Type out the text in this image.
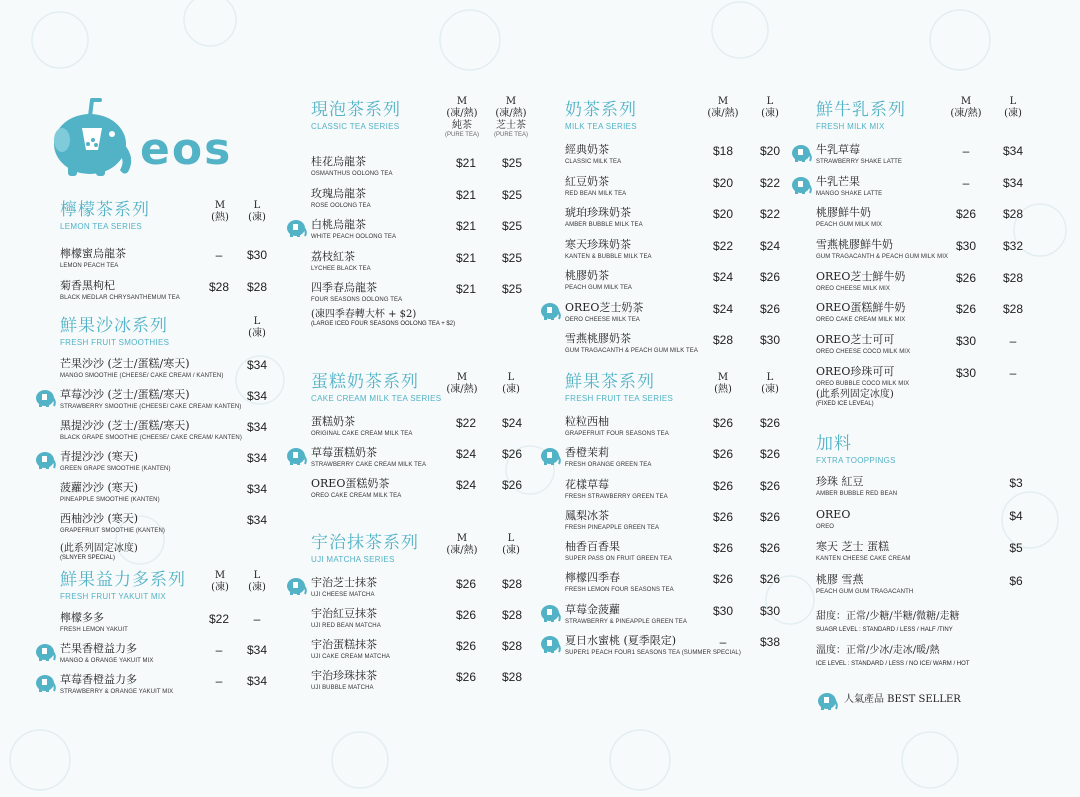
eos
檸檬茶系列
LEMON TEA SERIES
M
(熱)
L
(凍)
檸檬蜜烏龍茶
LEMON PEACH TEA
–	$30
菊香黑枸杞
BLACK MEDLAR CHRYSANTHEMUM TEA
$28	$28
鮮果沙冰系列
FRESH FRUIT SMOOTHIES
L
(凍)
芒果沙沙 (芝士/蛋糕/寒天)
MANGO SMOOTHIE (CHEESE/ CAKE CREAM / KANTEN)
$34
草莓沙沙 (芝士/蛋糕/寒天)
STRAWBERRY SMOOTHIE (CHEESE/ CAKE CREAM/ KANTEN)
$34
黑提沙沙 (芝士/蛋糕/寒天)
BLACK GRAPE SMOOTHIE (CHEESE/ CAKE CREAM/ KANTEN)
$34
青提沙沙 (寒天)
GREEN GRAPE SMOOTHIE (KANTEN)
$34
菠蘿沙沙 (寒天)
PINEAPPLE SMOOTHIE (KANTEN)
$34
西柚沙沙 (寒天)
GRAPEFRUIT SMOOTHIE (KANTEN)
$34
(此系列固定冰度)
(SLNYER SPECIAL)
鮮果益力多系列
FRESH FRUIT YAKUIT MIX
M
(凍)
L
(凍)
檸檬多多
FRESH LEMON YAKUIT
$22	–
芒果香橙益力多
MANGO & ORANGE YAKUIT MIX
–	$34
草莓香橙益力多
STRAWBERRY & ORANGE YAKUIT MIX
–	$34
現泡茶系列
CLASSIC TEA SERIES
M
(凍/熱)
純茶
(PURE TEA)
M
(凍/熱)
芝士茶
(PURE TEA)
桂花烏龍茶
OSMANTHUS OOLONG TEA
$21	$25
玫瑰烏龍茶
ROSE OOLONG TEA
$21	$25
白桃烏龍茶
WHITE PEACH OOLONG TEA
$21	$25
荔枝紅茶
LYCHEE BLACK TEA
$21	$25
四季春烏龍茶
FOUR SEASONS OOLONG TEA
$21	$25
(凍四季春轉大杯 + $2)
(LARGE ICED FOUR SEASONS OOLONG TEA + $2)
蛋糕奶茶系列
CAKE CREAM MILK TEA SERIES
M
(凍/熱)
L
(凍)
蛋糕奶茶
ORIGINAL CAKE CREAM MILK TEA
$22	$24
草莓蛋糕奶茶
STRAWBERRY CAKE CREAM MILK TEA
$24	$26
OREO蛋糕奶茶
OREO CAKE CREAM MILK TEA
$24	$26
宇治抹茶系列
UJI MATCHA SERIES
M
(凍/熱)
L
(凍)
宇治芝士抹茶
UJI CHEESE MATCHA
$26	$28
宇治紅豆抹茶
UJI RED BEAN MATCHA
$26	$28
宇治蛋糕抹茶
UJI CAKE CREAM MATCHA
$26	$28
宇治珍珠抹茶
UJI BUBBLE MATCHA
$26	$28
奶茶系列
MILK TEA SERIES
M
(凍/熱)
L
(凍)
經典奶茶
CLASSIC MILK TEA
$18	$20
紅豆奶茶
RED BEAN MILK TEA
$20	$22
琥珀珍珠奶茶
AMBER BUBBLE MILK TEA
$20	$22
寒天珍珠奶茶
KANTEN & BUBBLE MILK TEA
$22	$24
桃膠奶茶
PEACH GUM MILK TEA
$24	$26
OREO芝士奶茶
OERO CHEESE MILK TEA
$24	$26
雪燕桃膠奶茶
GUM TRAGACANTH & PEACH GUM MILK TEA
$28	$30
鮮果茶系列
FRESH FRUIT TEA SERIES
M
(熱)
L
(凍)
粒粒西柚
GRAPEFRUIT FOUR SEASONS TEA
$26	$26
香橙茉莉
FRESH ORANGE GREEN TEA
$26	$26
花樣草莓
FRESH STRAWBERRY GREEN TEA
$26	$26
鳳梨冰茶
FRESH PINEAPPLE GREEN TEA
$26	$26
柚香百香果
SUPER PASS ON FRUIT GREEN TEA
$26	$26
檸檬四季春
FRESH LEMON FOUR SEASONS TEA
$26	$26
草莓金菠蘿
STRAWBERRY & PINEAPPLE GREEN TEA
$30	$30
夏日水蜜桃 (夏季限定)
SUPER1 PEACH FOUR1 SEASONS TEA (SUMMER SPECIAL)
–	$38
鮮牛乳系列
FRESH MILK MIX
M
(凍/熱)
L
(凍)
牛乳草莓
STRAWBERRY SHAKE LATTE
–	$34
牛乳芒果
MANGO SHAKE LATTE
–	$34
桃膠鮮牛奶
PEACH GUM MILK MIX
$26	$28
雪燕桃膠鮮牛奶
GUM TRAGACANTH & PEACH GUM MILK MIX
$30	$32
OREO芝士鮮牛奶
OREO CHEESE MILK MIX
$26	$28
OREO蛋糕鮮牛奶
OREO CAKE CREAM MILK MIX
$26	$28
OREO芝士可可
OREO CHEESE COCO MILK MIX
$30	–
OREO珍珠可可
OREO BUBBLE COCO MILK MIX
$30	–
(此系列固定冰度)
(FIXED ICE LEVEAL)
加料
FXTRA TOOPPINGS
珍珠 紅豆
AMBER BUBBLE RED BEAN
$3
OREO
OREO
$4
寒天 芝士 蛋糕
KANTEN CHEESE CAKE CREAM
$5
桃膠 雪燕
PEACH GUM GUM TRAGACANTH
$6
甜度：正常/少糖/半糖/微糖/走糖
SUAGR LEVEL : STANDARD / LESS / HALF /TINY
溫度：正常/少冰/走冰/暖/熱
ICE LEVEL : STANDARD / LESS / NO ICE/ WARM / HOT
人氣產品 BEST SELLER
